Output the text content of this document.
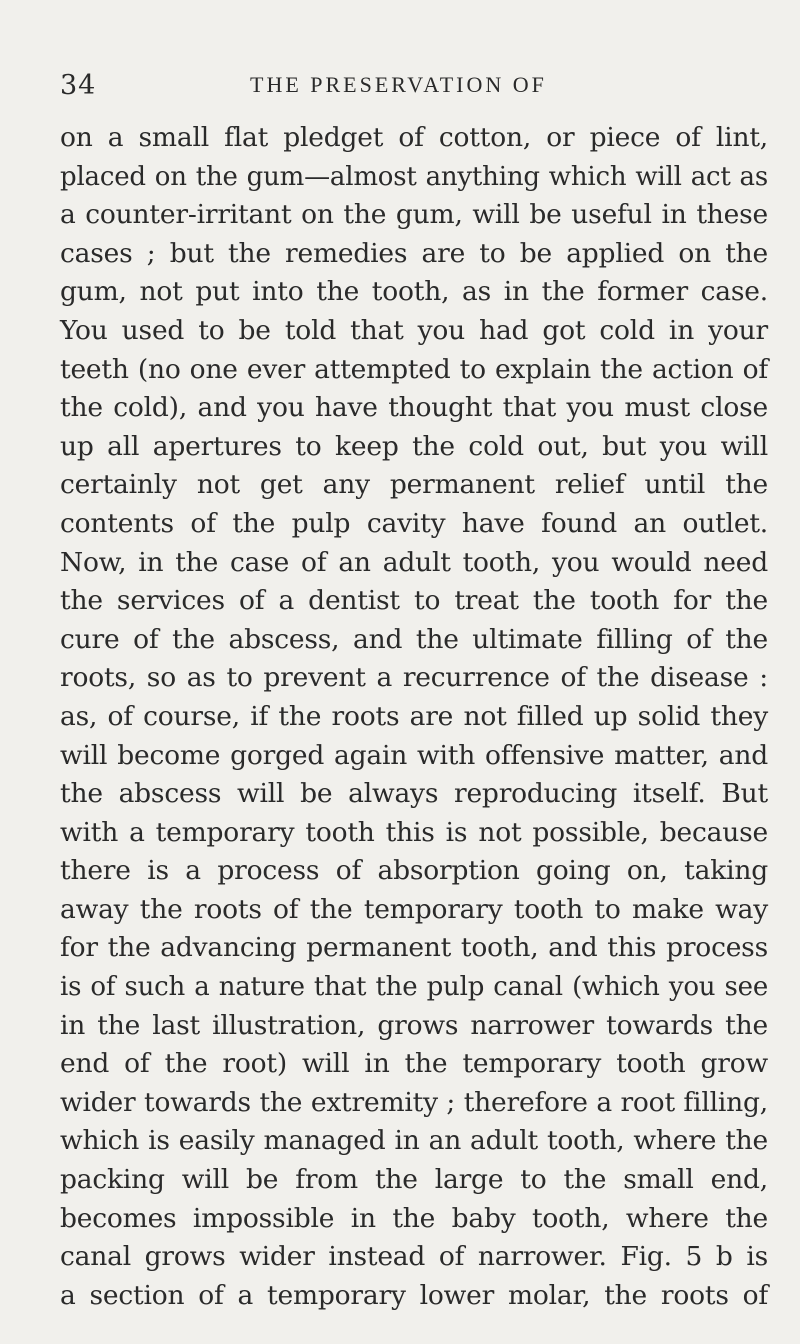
34	THE PRESERVATION OF
on a small flat pledget of cotton, or piece of lint,
placed on the gum—almost anything which will act as
a counter-irritant on the gum, will be useful in these
cases ; but the remedies are to be applied on the
gum, not put into the tooth, as in the former case.
You used to be told that you had got cold in your
teeth (no one ever attempted to explain the action of
the cold), and you have thought that you must close
up all apertures to keep the cold out, but you will
certainly not get any permanent relief until the
contents of the pulp cavity have found an outlet.
Now, in the case of an adult tooth, you would need
the services of a dentist to treat the tooth for the
cure of the abscess, and the ultimate filling of the
roots, so as to prevent a recurrence of the disease :
as, of course, if the roots are not filled up solid they
will become gorged again with offensive matter, and
the abscess will be always reproducing itself. But
with a temporary tooth this is not possible, because
there is a process of absorption going on, taking
away the roots of the temporary tooth to make way
for the advancing permanent tooth, and this process
is of such a nature that the pulp canal (which you see
in the last illustration, grows narrower towards the
end of the root) will in the temporary tooth grow
wider towards the extremity ; therefore a root filling,
which is easily managed in an adult tooth, where the
packing will be from the large to the small end,
becomes impossible in the baby tooth, where the
canal grows wider instead of narrower. Fig. 5 b is
a section of a temporary lower molar, the roots of
